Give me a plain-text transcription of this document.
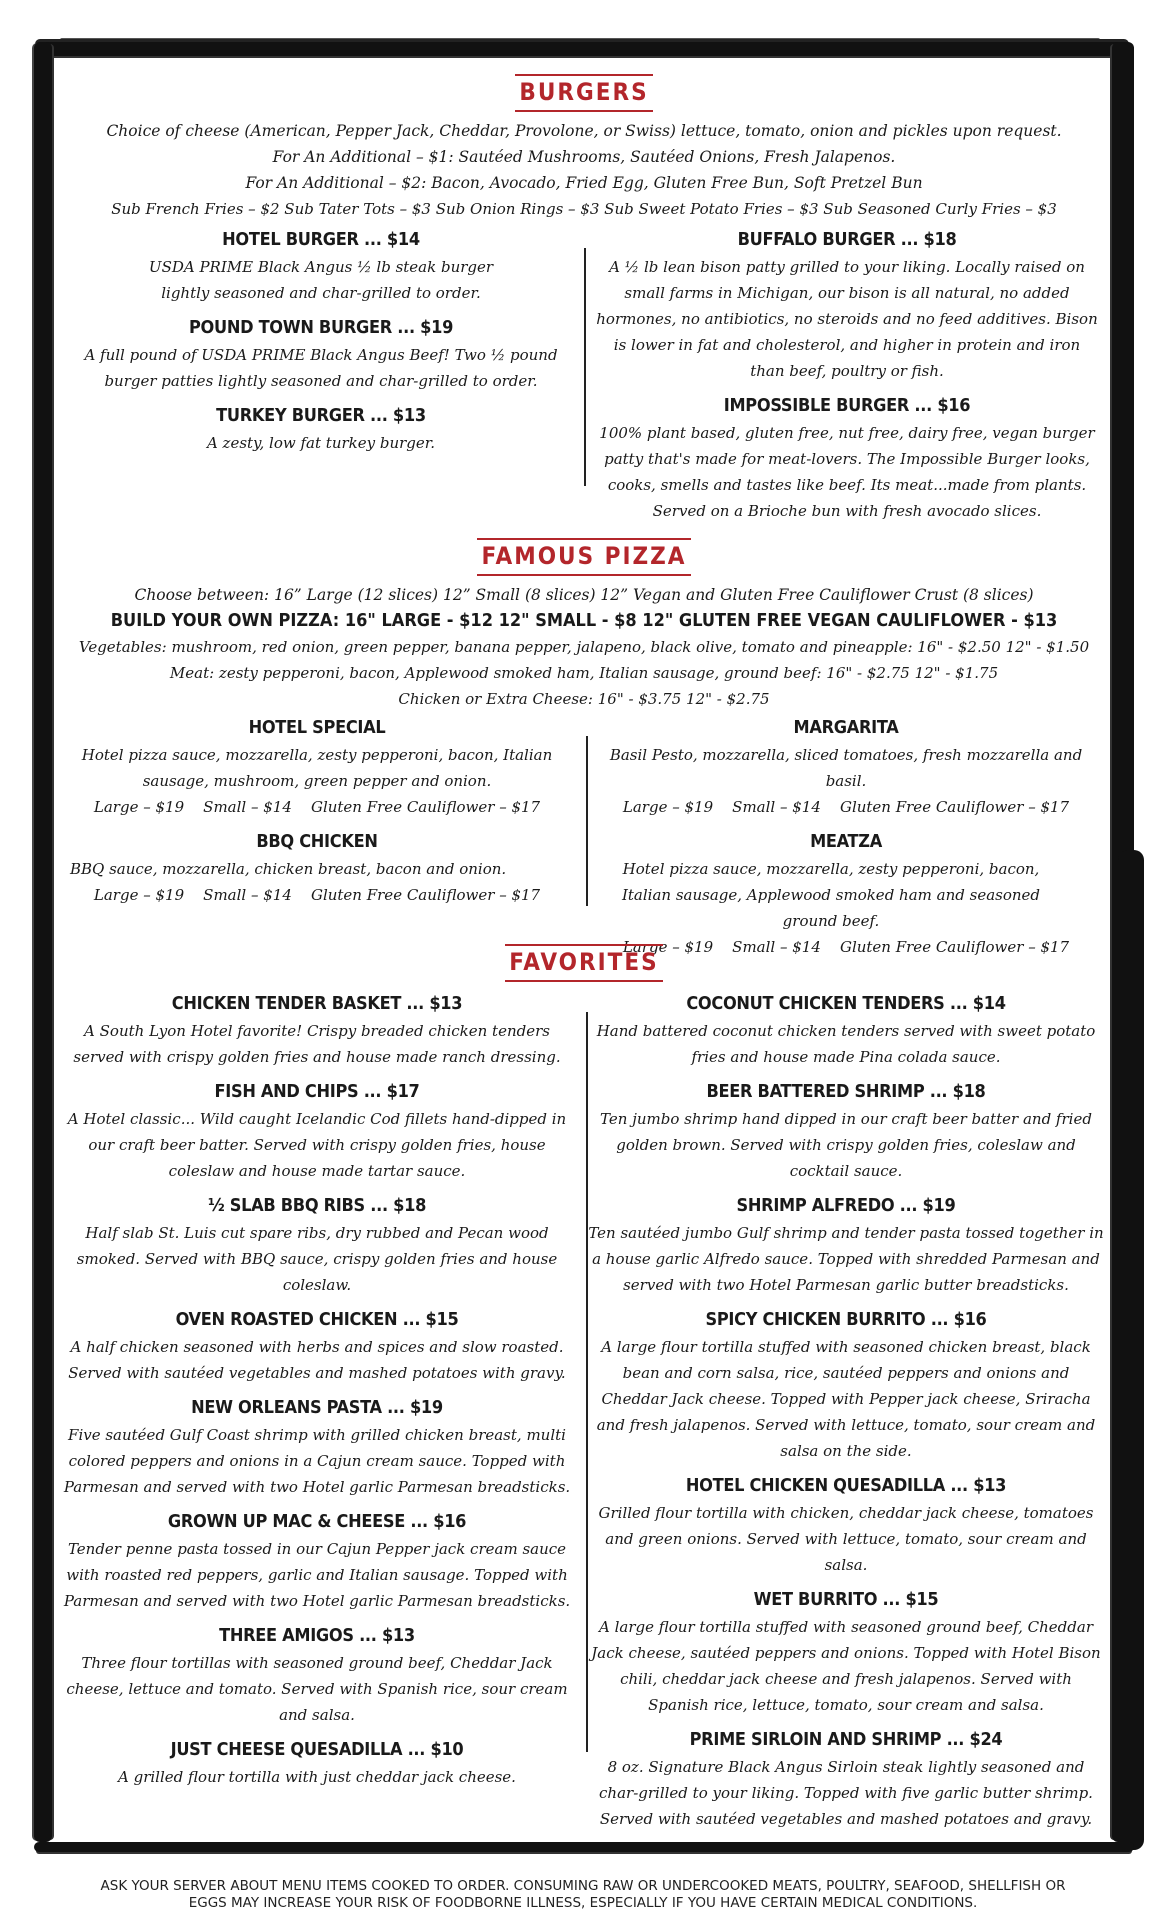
BURGERS

Choice of cheese (American, Pepper Jack, Cheddar, Provolone, or Swiss) lettuce, tomato, onion and pickles upon request.

For An Additional – $1: Sautéed Mushrooms, Sautéed Onions, Fresh Jalapenos.

For An Additional – $2: Bacon, Avocado, Fried Egg, Gluten Free Bun, Soft Pretzel Bun

Sub French Fries – $2 Sub Tater Tots – $3 Sub Onion Rings – $3 Sub Sweet Potato Fries – $3 Sub Seasoned Curly Fries – $3

HOTEL BURGER ... $14

USDA PRIME Black Angus ½ lb steak burger lightly seasoned and char-grilled to order.

POUND TOWN BURGER ... $19

A full pound of USDA PRIME Black Angus Beef! Two ½ pound burger patties lightly seasoned and char-grilled to order.

TURKEY BURGER ... $13

A zesty, low fat turkey burger.

BUFFALO BURGER ... $18

A ½ lb lean bison patty grilled to your liking. Locally raised on small farms in Michigan, our bison is all natural, no added hormones, no antibiotics, no steroids and no feed additives. Bison is lower in fat and cholesterol, and higher in protein and iron than beef, poultry or fish.

IMPOSSIBLE BURGER ... $16

100% plant based, gluten free, nut free, dairy free, vegan burger patty that's made for meat-lovers. The Impossible Burger looks, cooks, smells and tastes like beef. Its meat...made from plants. Served on a Brioche bun with fresh avocado slices.

FAMOUS PIZZA

Choose between: 16” Large (12 slices) 12” Small (8 slices) 12” Vegan and Gluten Free Cauliflower Crust (8 slices)

BUILD YOUR OWN PIZZA: 16" LARGE - $12 12" SMALL - $8 12" GLUTEN FREE VEGAN CAULIFLOWER - $13

Vegetables: mushroom, red onion, green pepper, banana pepper, jalapeno, black olive, tomato and pineapple: 16" - $2.50 12" - $1.50

Meat: zesty pepperoni, bacon, Applewood smoked ham, Italian sausage, ground beef: 16" - $2.75 12" - $1.75

Chicken or Extra Cheese: 16" - $3.75 12" - $2.75

HOTEL SPECIAL

Hotel pizza sauce, mozzarella, zesty pepperoni, bacon, Italian sausage, mushroom, green pepper and onion.

Large – $19    Small – $14    Gluten Free Cauliflower – $17

BBQ CHICKEN

BBQ sauce, mozzarella, chicken breast, bacon and onion.

Large – $19    Small – $14    Gluten Free Cauliflower – $17

MARGARITA

Basil Pesto, mozzarella, sliced tomatoes, fresh mozzarella and basil.

Large – $19    Small – $14    Gluten Free Cauliflower – $17

MEATZA

Hotel pizza sauce, mozzarella, zesty pepperoni, bacon, Italian sausage, Applewood smoked ham and seasoned ground beef.

Large – $19    Small – $14    Gluten Free Cauliflower – $17

FAVORITES
CHICKEN TENDER BASKET ... $13

A South Lyon Hotel favorite! Crispy breaded chicken tenders served with crispy golden fries and house made ranch dressing.

FISH AND CHIPS ... $17

A Hotel classic... Wild caught Icelandic Cod fillets hand-dipped in our craft beer batter. Served with crispy golden fries, house coleslaw and house made tartar sauce.

½ SLAB BBQ RIBS ... $18

Half slab St. Luis cut spare ribs, dry rubbed and Pecan wood smoked. Served with BBQ sauce, crispy golden fries and house coleslaw.

OVEN ROASTED CHICKEN ... $15

A half chicken seasoned with herbs and spices and slow roasted. Served with sautéed vegetables and mashed potatoes with gravy.

NEW ORLEANS PASTA ... $19

Five sautéed Gulf Coast shrimp with grilled chicken breast, multi colored peppers and onions in a Cajun cream sauce. Topped with Parmesan and served with two Hotel garlic Parmesan breadsticks.

GROWN UP MAC & CHEESE ... $16

Tender penne pasta tossed in our Cajun Pepper jack cream sauce with roasted red peppers, garlic and Italian sausage. Topped with Parmesan and served with two Hotel garlic Parmesan breadsticks.

THREE AMIGOS ... $13

Three flour tortillas with seasoned ground beef, Cheddar Jack cheese, lettuce and tomato. Served with Spanish rice, sour cream and salsa.

JUST CHEESE QUESADILLA ... $10

A grilled flour tortilla with just cheddar jack cheese.

COCONUT CHICKEN TENDERS ... $14

Hand battered coconut chicken tenders served with sweet potato fries and house made Pina colada sauce.

BEER BATTERED SHRIMP ... $18

Ten jumbo shrimp hand dipped in our craft beer batter and fried golden brown. Served with crispy golden fries, coleslaw and cocktail sauce.

SHRIMP ALFREDO ... $19

Ten sautéed jumbo Gulf shrimp and tender pasta tossed together in a house garlic Alfredo sauce. Topped with shredded Parmesan and served with two Hotel Parmesan garlic butter breadsticks.

SPICY CHICKEN BURRITO ... $16

A large flour tortilla stuffed with seasoned chicken breast, black bean and corn salsa, rice, sautéed peppers and onions and Cheddar Jack cheese. Topped with Pepper jack cheese, Sriracha and fresh jalapenos. Served with lettuce, tomato, sour cream and salsa on the side.

HOTEL CHICKEN QUESADILLA ... $13

Grilled flour tortilla with chicken, cheddar jack cheese, tomatoes and green onions. Served with lettuce, tomato, sour cream and salsa.

WET BURRITO ... $15

A large flour tortilla stuffed with seasoned ground beef, Cheddar Jack cheese, sautéed peppers and onions. Topped with Hotel Bison chili, cheddar jack cheese and fresh jalapenos. Served with Spanish rice, lettuce, tomato, sour cream and salsa.

PRIME SIRLOIN AND SHRIMP ... $24

8 oz. Signature Black Angus Sirloin steak lightly seasoned and char-grilled to your liking. Topped with five garlic butter shrimp. Served with sautéed vegetables and mashed potatoes and gravy.

ASK YOUR SERVER ABOUT MENU ITEMS COOKED TO ORDER. CONSUMING RAW OR UNDERCOOKED MEATS, POULTRY, SEAFOOD, SHELLFISH OR
EGGS MAY INCREASE YOUR RISK OF FOODBORNE ILLNESS, ESPECIALLY IF YOU HAVE CERTAIN MEDICAL CONDITIONS.
